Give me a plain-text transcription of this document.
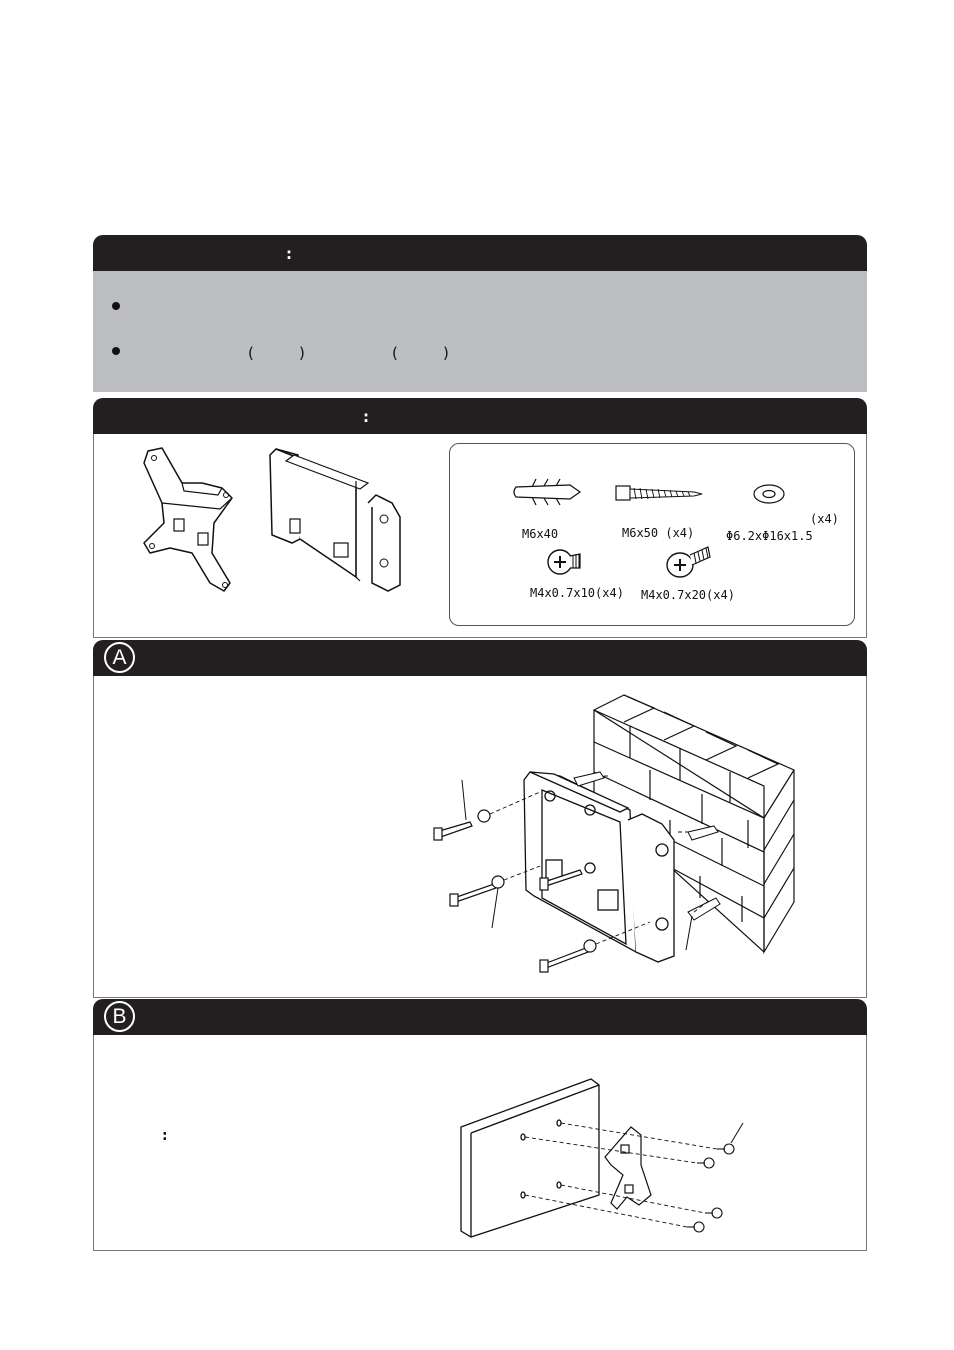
:
(	)	(	)
:
M6x40	M6x50 (x4)
(x4)
Φ6.2xΦ16x1.5
M4x0.7x10(x4) M4x0.7x20(x4)
A
B
:
